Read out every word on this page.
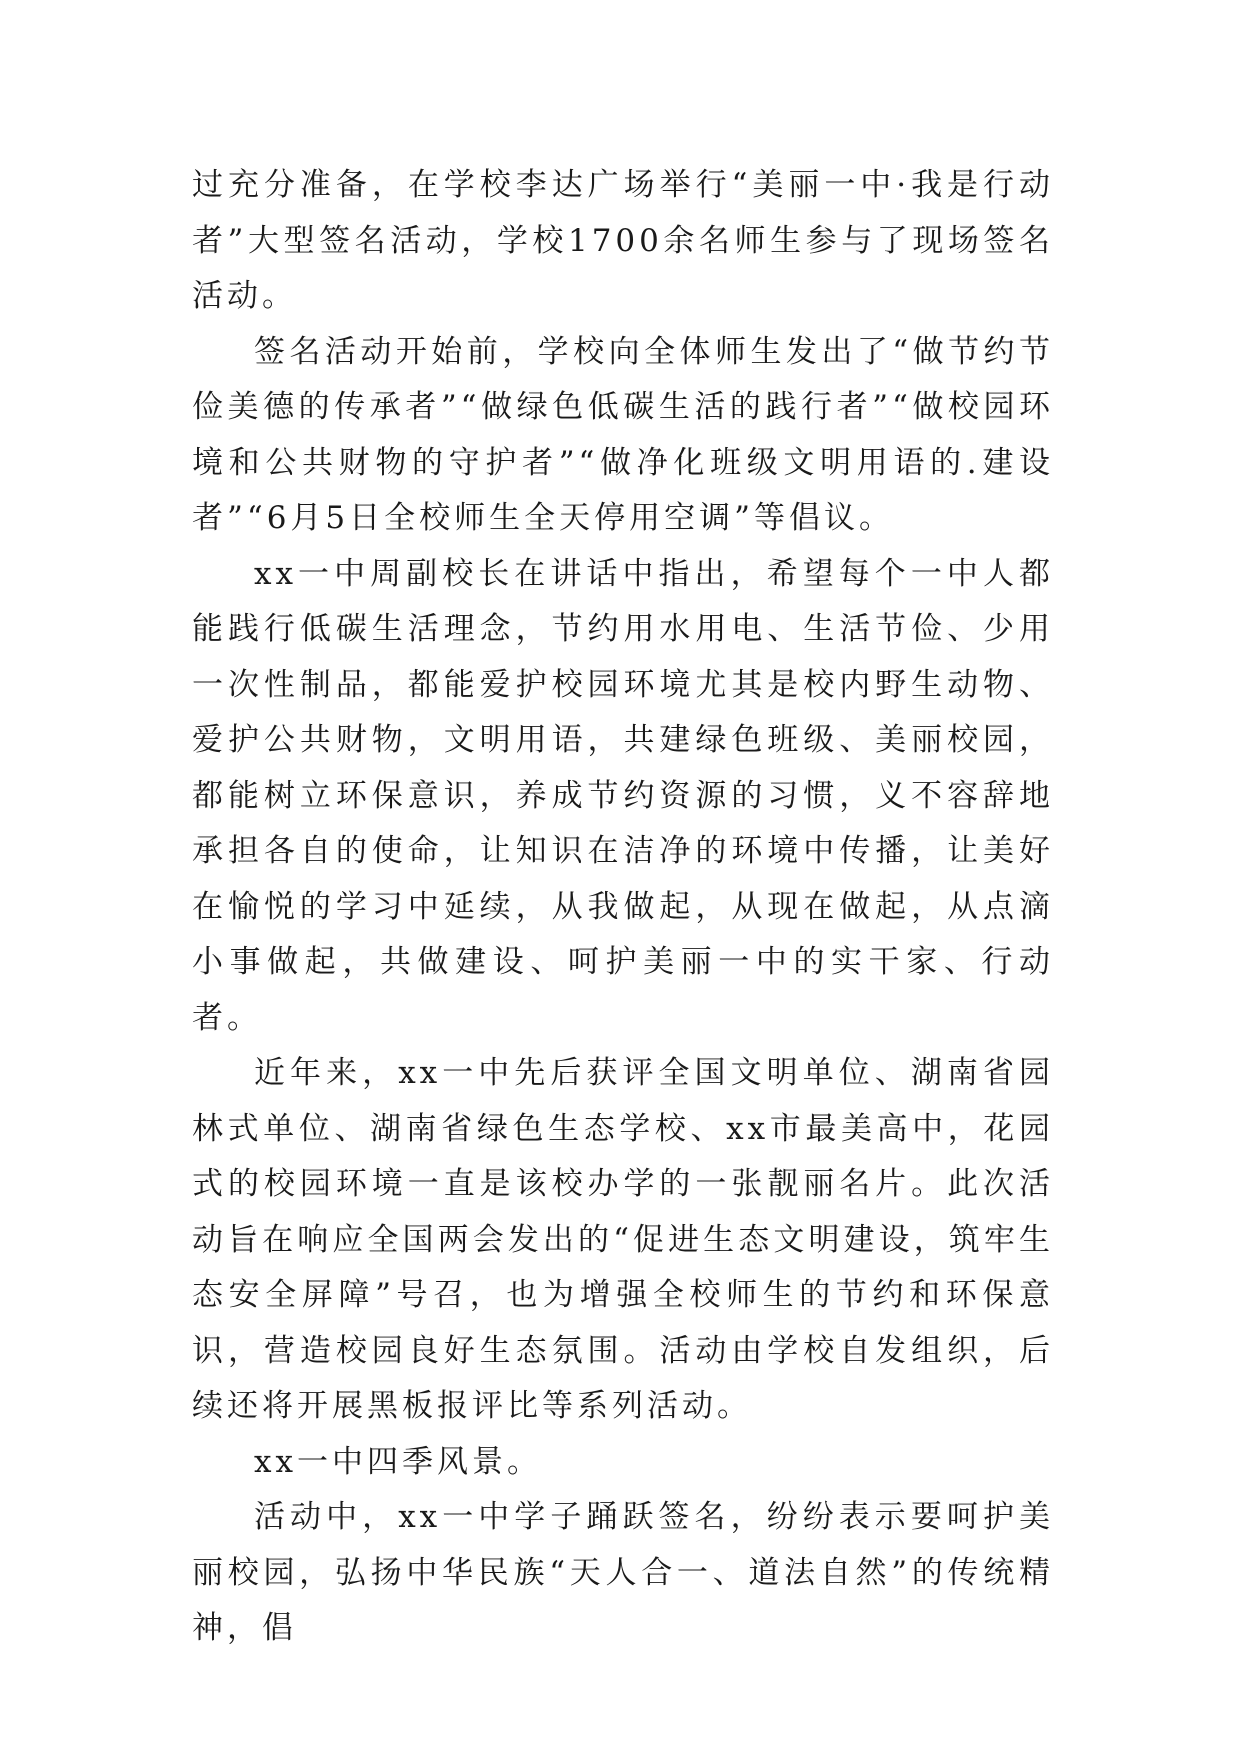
过充分准备，在学校李达广场举行“美丽一中·我是行动者”大型签名活动，学校1700余名师生参与了现场签名活动。

签名活动开始前，学校向全体师生发出了“做节约节俭美德的传承者”“做绿色低碳生活的践行者”“做校园环境和公共财物的守护者”“做净化班级文明用语的.建设者”“6月5日全校师生全天停用空调”等倡议。

xx一中周副校长在讲话中指出，希望每个一中人都能践行低碳生活理念，节约用水用电、生活节俭、少用一次性制品，都能爱护校园环境尤其是校内野生动物、爱护公共财物，文明用语，共建绿色班级、美丽校园，都能树立环保意识，养成节约资源的习惯，义不容辞地承担各自的使命，让知识在洁净的环境中传播，让美好在愉悦的学习中延续，从我做起，从现在做起，从点滴小事做起，共做建设、呵护美丽一中的实干家、行动者。

近年来，xx一中先后获评全国文明单位、湖南省园林式单位、湖南省绿色生态学校、xx市最美高中，花园式的校园环境一直是该校办学的一张靓丽名片。此次活动旨在响应全国两会发出的“促进生态文明建设，筑牢生态安全屏障”号召，也为增强全校师生的节约和环保意识，营造校园良好生态氛围。活动由学校自发组织，后续还将开展黑板报评比等系列活动。

xx一中四季风景。

活动中，xx一中学子踊跃签名，纷纷表示要呵护美丽校园，弘扬中华民族“天人合一、道法自然”的传统精神，倡
